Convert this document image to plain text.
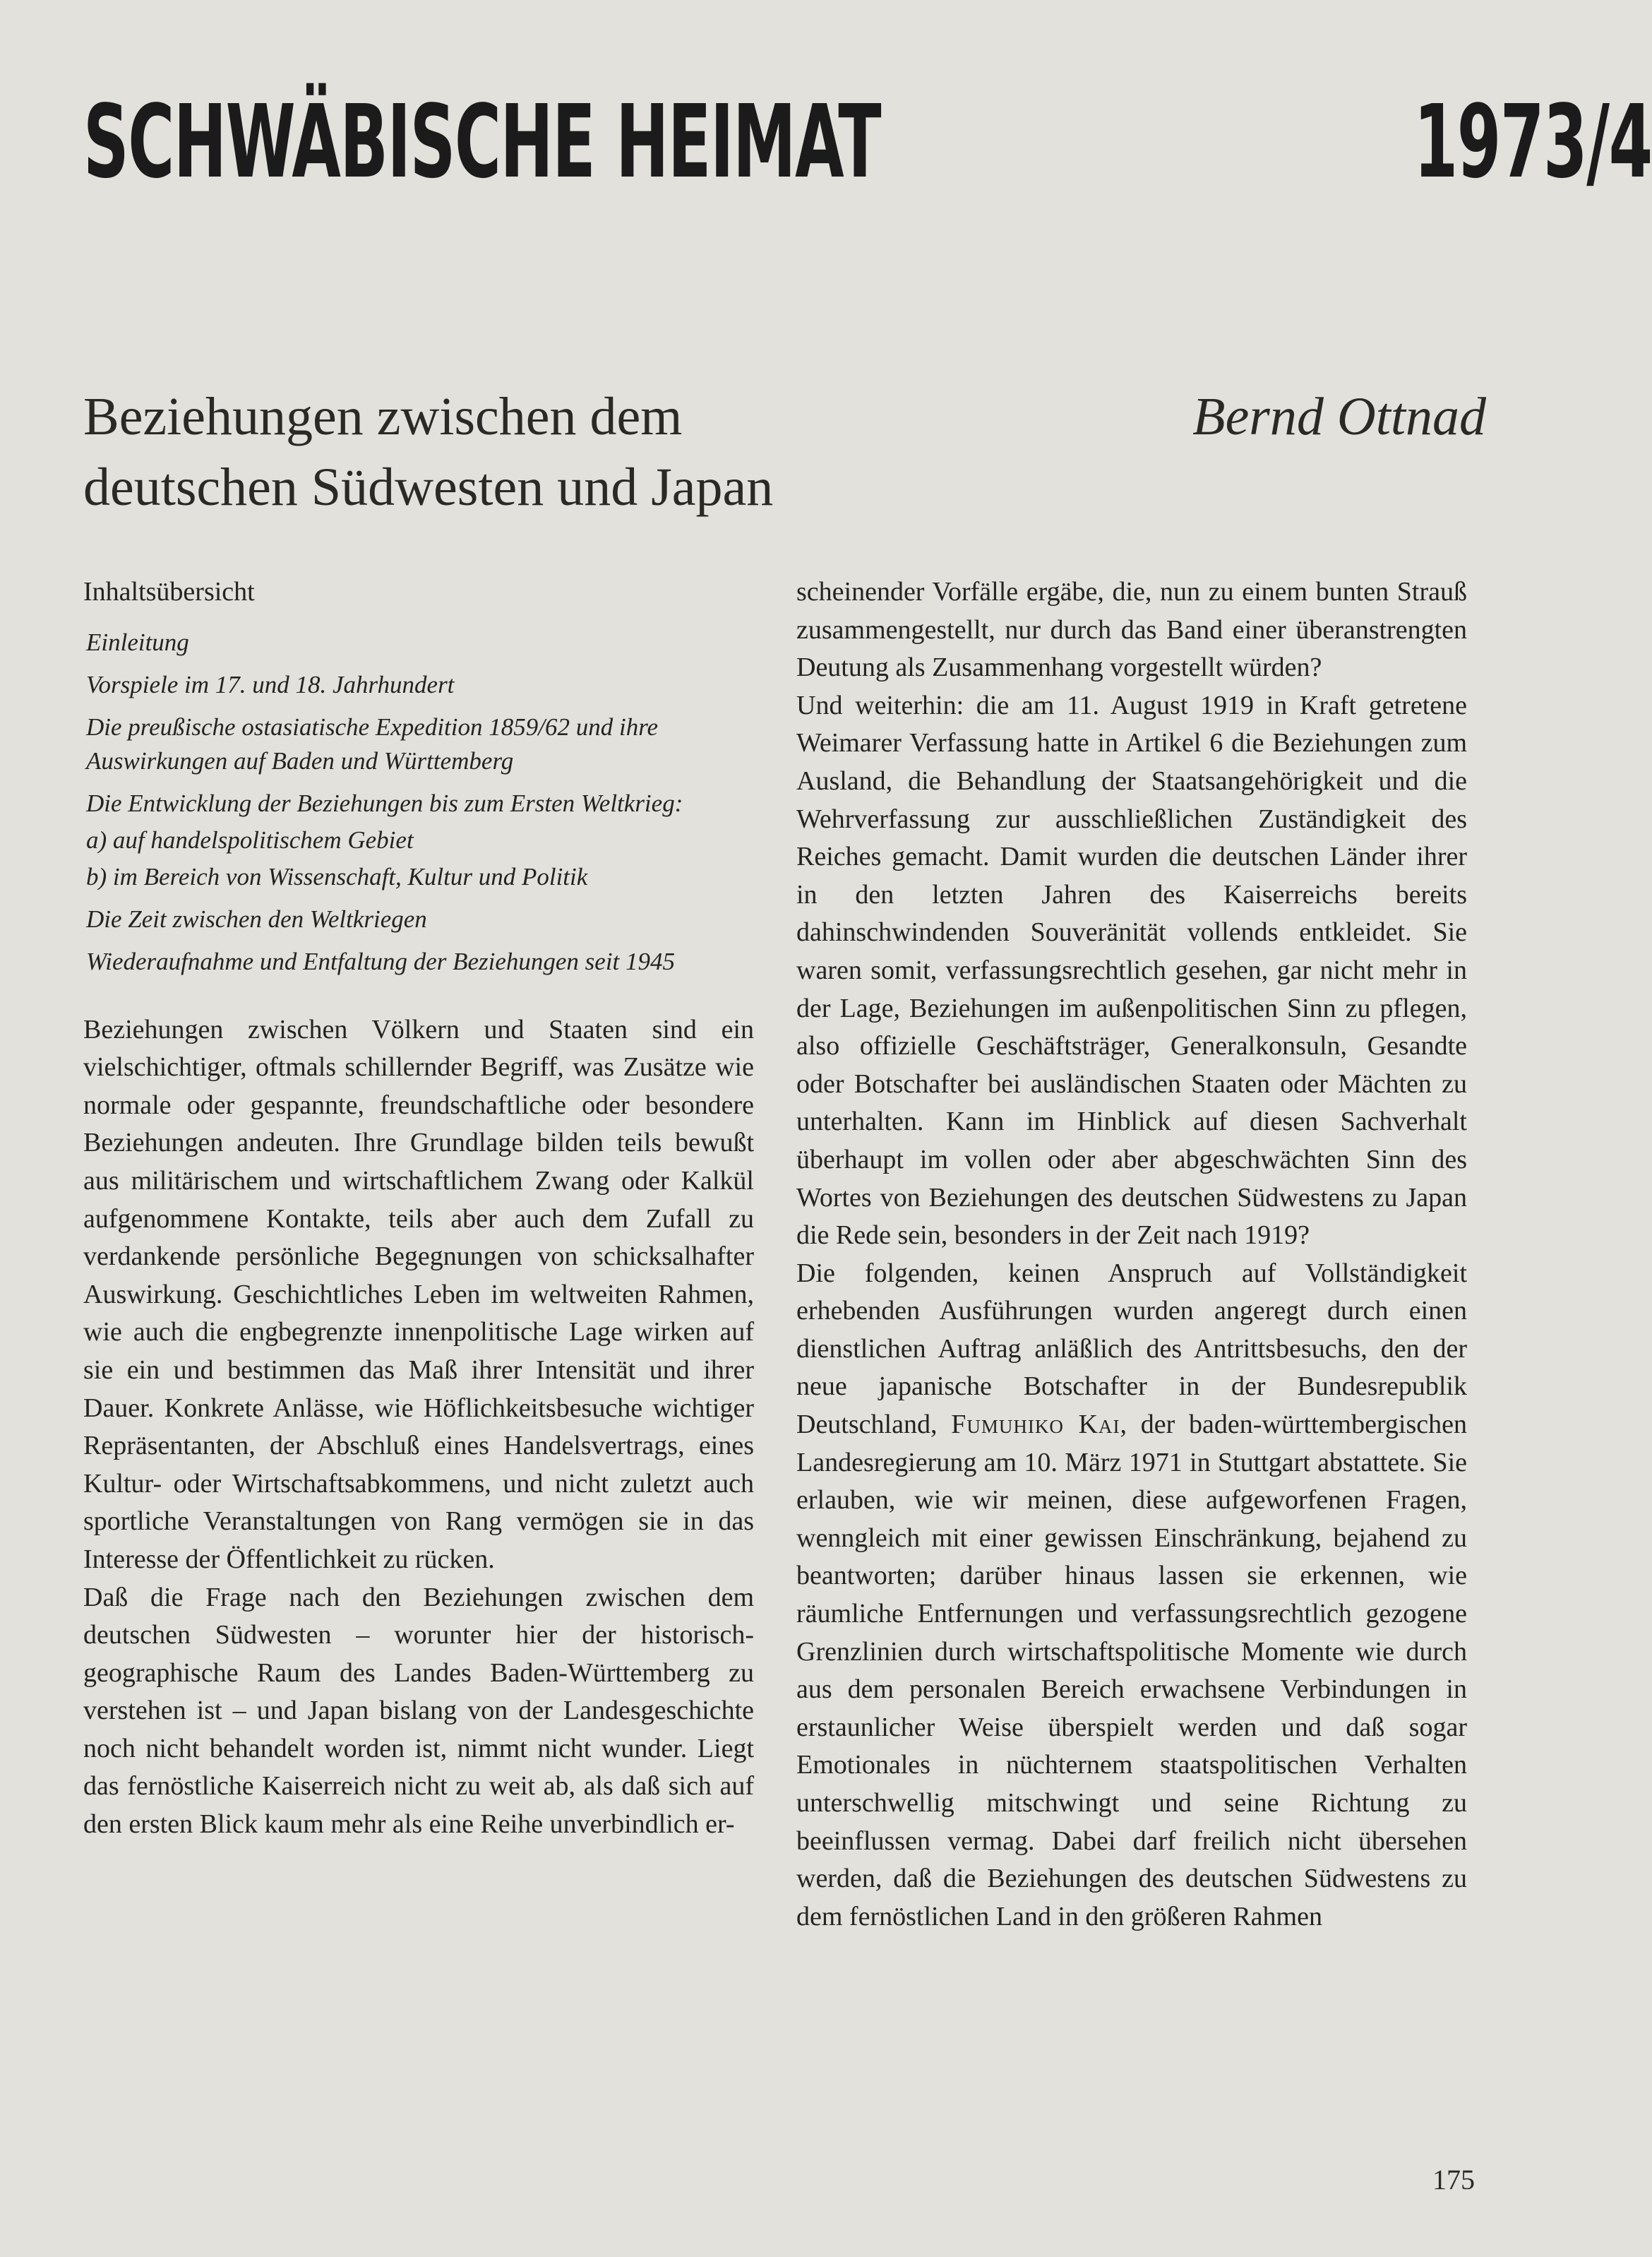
SCHWÄBISCHE HEIMAT	1973/4
Beziehungen zwischen dem
deutschen Südwesten und Japan
Bernd Ottnad

Inhaltsübersicht

Einleitung

Vorspiele im 17. und 18. Jahrhundert

Die preußische ostasiatische Expedition 1859/62 und ihre Auswirkungen auf Baden und Württemberg

Die Entwicklung der Beziehungen bis zum Ersten Weltkrieg:

a) auf handelspolitischem Gebiet

b) im Bereich von Wissenschaft, Kultur und Politik

Die Zeit zwischen den Weltkriegen

Wiederaufnahme und Entfaltung der Beziehungen seit 1945

Beziehungen zwischen Völkern und Staaten sind ein vielschichtiger, oftmals schillernder Begriff, was Zusätze wie normale oder gespannte, freundschaftliche oder besondere Beziehungen andeuten. Ihre Grundlage bilden teils bewußt aus militärischem und wirtschaftlichem Zwang oder Kalkül aufgenommene Kontakte, teils aber auch dem Zufall zu verdankende persönliche Begegnungen von schicksalhafter Auswirkung. Geschichtliches Leben im weltweiten Rahmen, wie auch die engbegrenzte innenpolitische Lage wirken auf sie ein und bestimmen das Maß ihrer Intensität und ihrer Dauer. Konkrete Anlässe, wie Höflichkeitsbesuche wichtiger Repräsentanten, der Abschluß eines Handelsvertrags, eines Kultur- oder Wirtschaftsabkommens, und nicht zuletzt auch sportliche Veranstaltungen von Rang vermögen sie in das Interesse der Öffentlichkeit zu rücken.

Daß die Frage nach den Beziehungen zwischen dem deutschen Südwesten – worunter hier der historisch-geographische Raum des Landes Baden-Württemberg zu verstehen ist – und Japan bislang von der Landesgeschichte noch nicht behandelt worden ist, nimmt nicht wunder. Liegt das fernöstliche Kaiserreich nicht zu weit ab, als daß sich auf den ersten Blick kaum mehr als eine Reihe unverbindlich er-

scheinender Vorfälle ergäbe, die, nun zu einem bunten Strauß zusammengestellt, nur durch das Band einer überanstrengten Deutung als Zusammenhang vorgestellt würden?

Und weiterhin: die am 11. August 1919 in Kraft getretene Weimarer Verfassung hatte in Artikel 6 die Beziehungen zum Ausland, die Behandlung der Staatsangehörigkeit und die Wehrverfassung zur ausschließlichen Zuständigkeit des Reiches gemacht. Damit wurden die deutschen Länder ihrer in den letzten Jahren des Kaiserreichs bereits dahinschwindenden Souveränität vollends entkleidet. Sie waren somit, verfassungsrechtlich gesehen, gar nicht mehr in der Lage, Beziehungen im außenpolitischen Sinn zu pflegen, also offizielle Geschäftsträger, Generalkonsuln, Gesandte oder Botschafter bei ausländischen Staaten oder Mächten zu unterhalten. Kann im Hinblick auf diesen Sachverhalt überhaupt im vollen oder aber abgeschwächten Sinn des Wortes von Beziehungen des deutschen Südwestens zu Japan die Rede sein, besonders in der Zeit nach 1919?

Die folgenden, keinen Anspruch auf Vollständigkeit erhebenden Ausführungen wurden angeregt durch einen dienstlichen Auftrag anläßlich des Antrittsbesuchs, den der neue japanische Botschafter in der Bundesrepublik Deutschland, Fumuhiko Kai, der baden-württembergischen Landesregierung am 10. März 1971 in Stuttgart abstattete. Sie erlauben, wie wir meinen, diese aufgeworfenen Fragen, wenngleich mit einer gewissen Einschränkung, bejahend zu beantworten; darüber hinaus lassen sie erkennen, wie räumliche Entfernungen und verfassungsrechtlich gezogene Grenzlinien durch wirtschaftspolitische Momente wie durch aus dem personalen Bereich erwachsene Verbindungen in erstaunlicher Weise überspielt werden und daß sogar Emotionales in nüchternem staatspolitischen Verhalten unterschwellig mitschwingt und seine Richtung zu beeinflussen vermag. Dabei darf freilich nicht übersehen werden, daß die Beziehungen des deutschen Südwestens zu dem fernöstlichen Land in den größeren Rahmen

175
